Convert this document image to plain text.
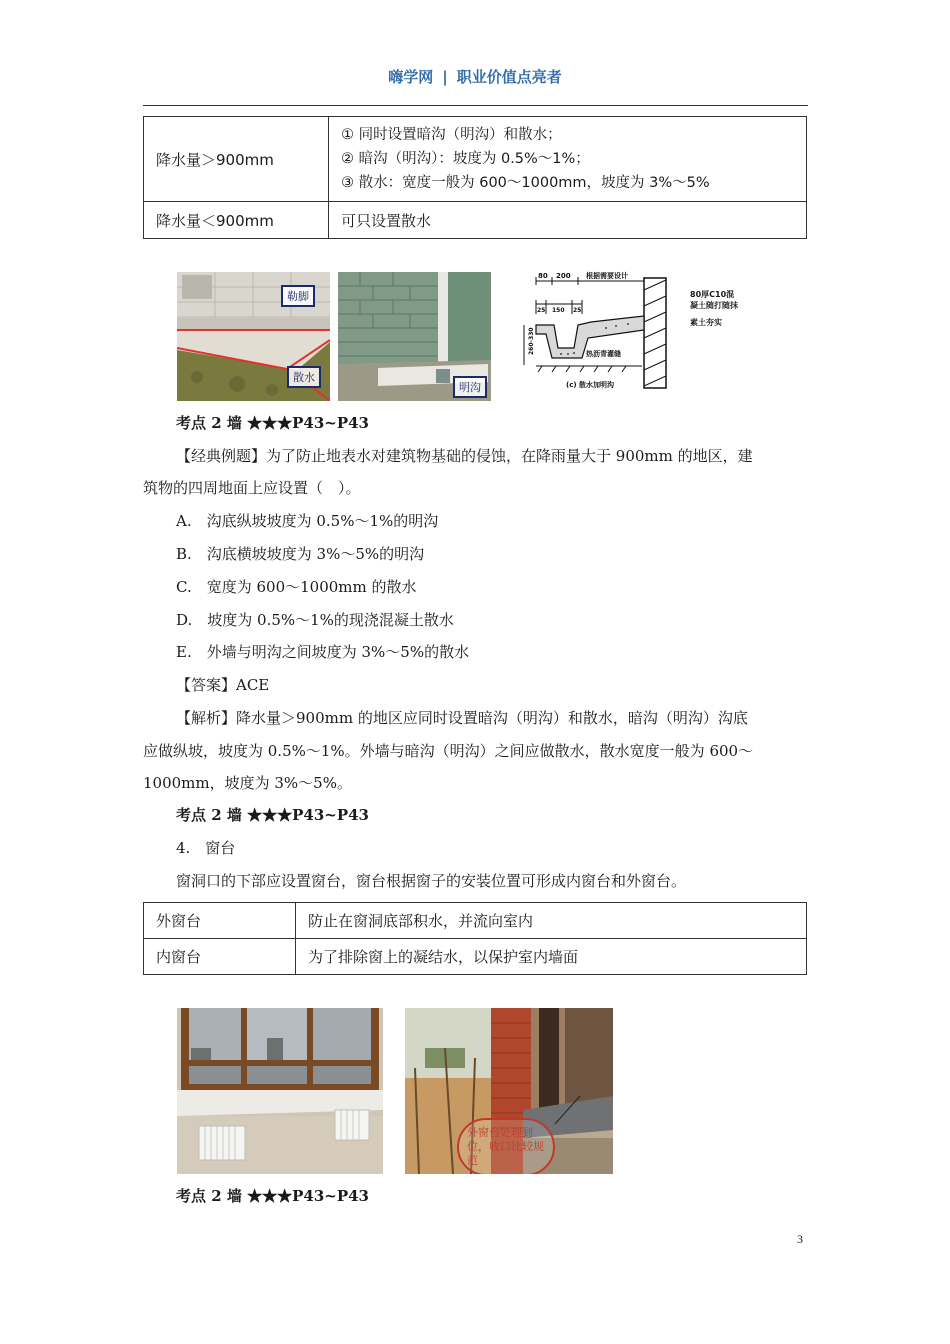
嗨学网 | 职业价值点亮者
降水量＞900mm	① 同时设置暗沟（明沟）和散水；
② 暗沟（明沟）：坡度为 0.5%～1%；
③ 散水：宽度一般为 600～1000mm，坡度为 3%～5%

降水量＜900mm	可只设置散水
勒脚
散水
明沟
80 200 根据需要设计
25 150 25
260-330	热沥青灌缝
(c) 散水加明沟
80厚C10混凝土随打随抹
素土夯实
考点 2 墙 ★★★P43~P43
【经典例题】为了防止地表水对建筑物基础的侵蚀，在降雨量大于 900mm 的地区，建
筑物的四周地面上应设置（　）。
A.　沟底纵坡坡度为 0.5%～1%的明沟
B.　沟底横坡坡度为 3%～5%的明沟
C.　宽度为 600～1000mm 的散水
D.　坡度为 0.5%～1%的现浇混凝土散水
E.　外墙与明沟之间坡度为 3%～5%的散水
【答案】ACE
【解析】降水量＞900mm 的地区应同时设置暗沟（明沟）和散水，暗沟（明沟）沟底
应做纵坡，坡度为 0.5%～1%。外墙与暗沟（明沟）之间应做散水，散水宽度一般为 600～
1000mm，坡度为 3%～5%。
考点 2 墙 ★★★P43~P43
4.　窗台
窗洞口的下部应设置窗台，窗台根据窗子的安装位置可形成内窗台和外窗台。
外窗台	防止在窗洞底部积水，并流向室内
内窗台	为了排除窗上的凝结水，以保护室内墙面
外窗台处理到位，收口比较规范
考点 2 墙 ★★★P43~P43
3
